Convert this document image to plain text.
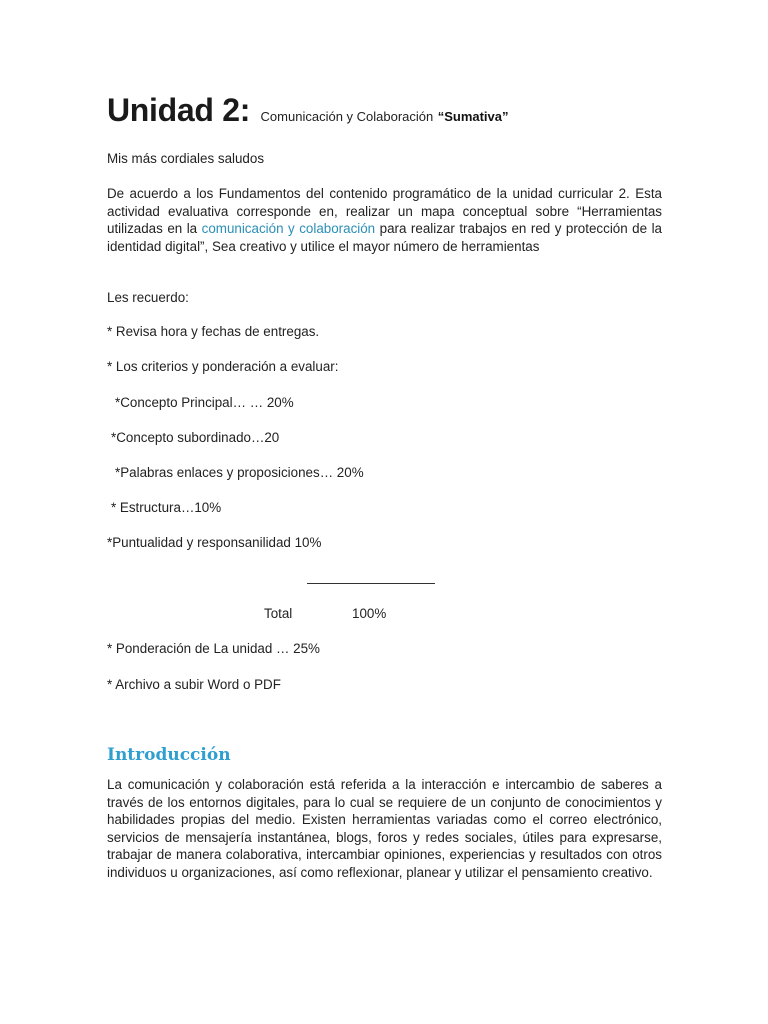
Unidad 2: Comunicación y Colaboración “Sumativa”
Mis más cordiales saludos
De acuerdo a los Fundamentos del contenido programático de la unidad curricular 2. Esta actividad evaluativa corresponde en, realizar un mapa conceptual sobre “Herramientas utilizadas en la comunicación y colaboración para realizar trabajos en red y protección de la identidad digital”, Sea creativo y utilice el mayor número de herramientas
Les recuerdo:
* Revisa hora y fechas de entregas.
* Los criterios y ponderación a evaluar:
*Concepto Principal… … 20%
*Concepto subordinado…20
*Palabras enlaces y proposiciones… 20%
* Estructura…10%
*Puntualidad y responsanilidad 10%
Total	100%
* Ponderación de La unidad … 25%
* Archivo a subir Word o PDF
Introducción
La comunicación y colaboración está referida a la interacción e intercambio de saberes a través de los entornos digitales, para lo cual se requiere de un conjunto de conocimientos y habilidades propias del medio. Existen herramientas variadas como el correo electrónico, servicios de mensajería instantánea, blogs, foros y redes sociales, útiles para expresarse, trabajar de manera colaborativa, intercambiar opiniones, experiencias y resultados con otros individuos u organizaciones, así como reflexionar, planear y utilizar el pensamiento creativo.
